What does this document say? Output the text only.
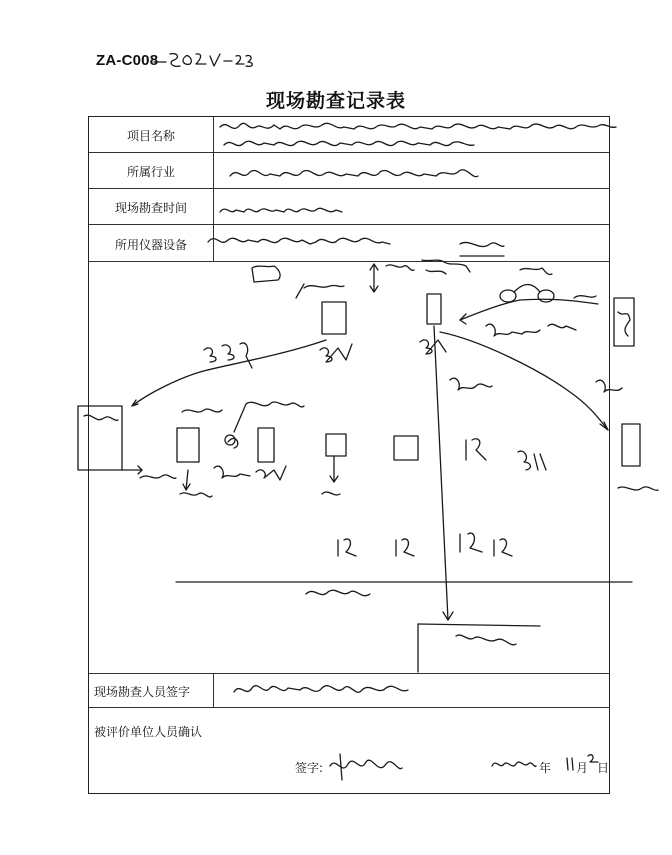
ZA-C008
现场勘查记录表
项目名称
所属行业
现场勘查时间
所用仪器设备
现场勘查人员签字
被评价单位人员确认
签字:	年 月 日
